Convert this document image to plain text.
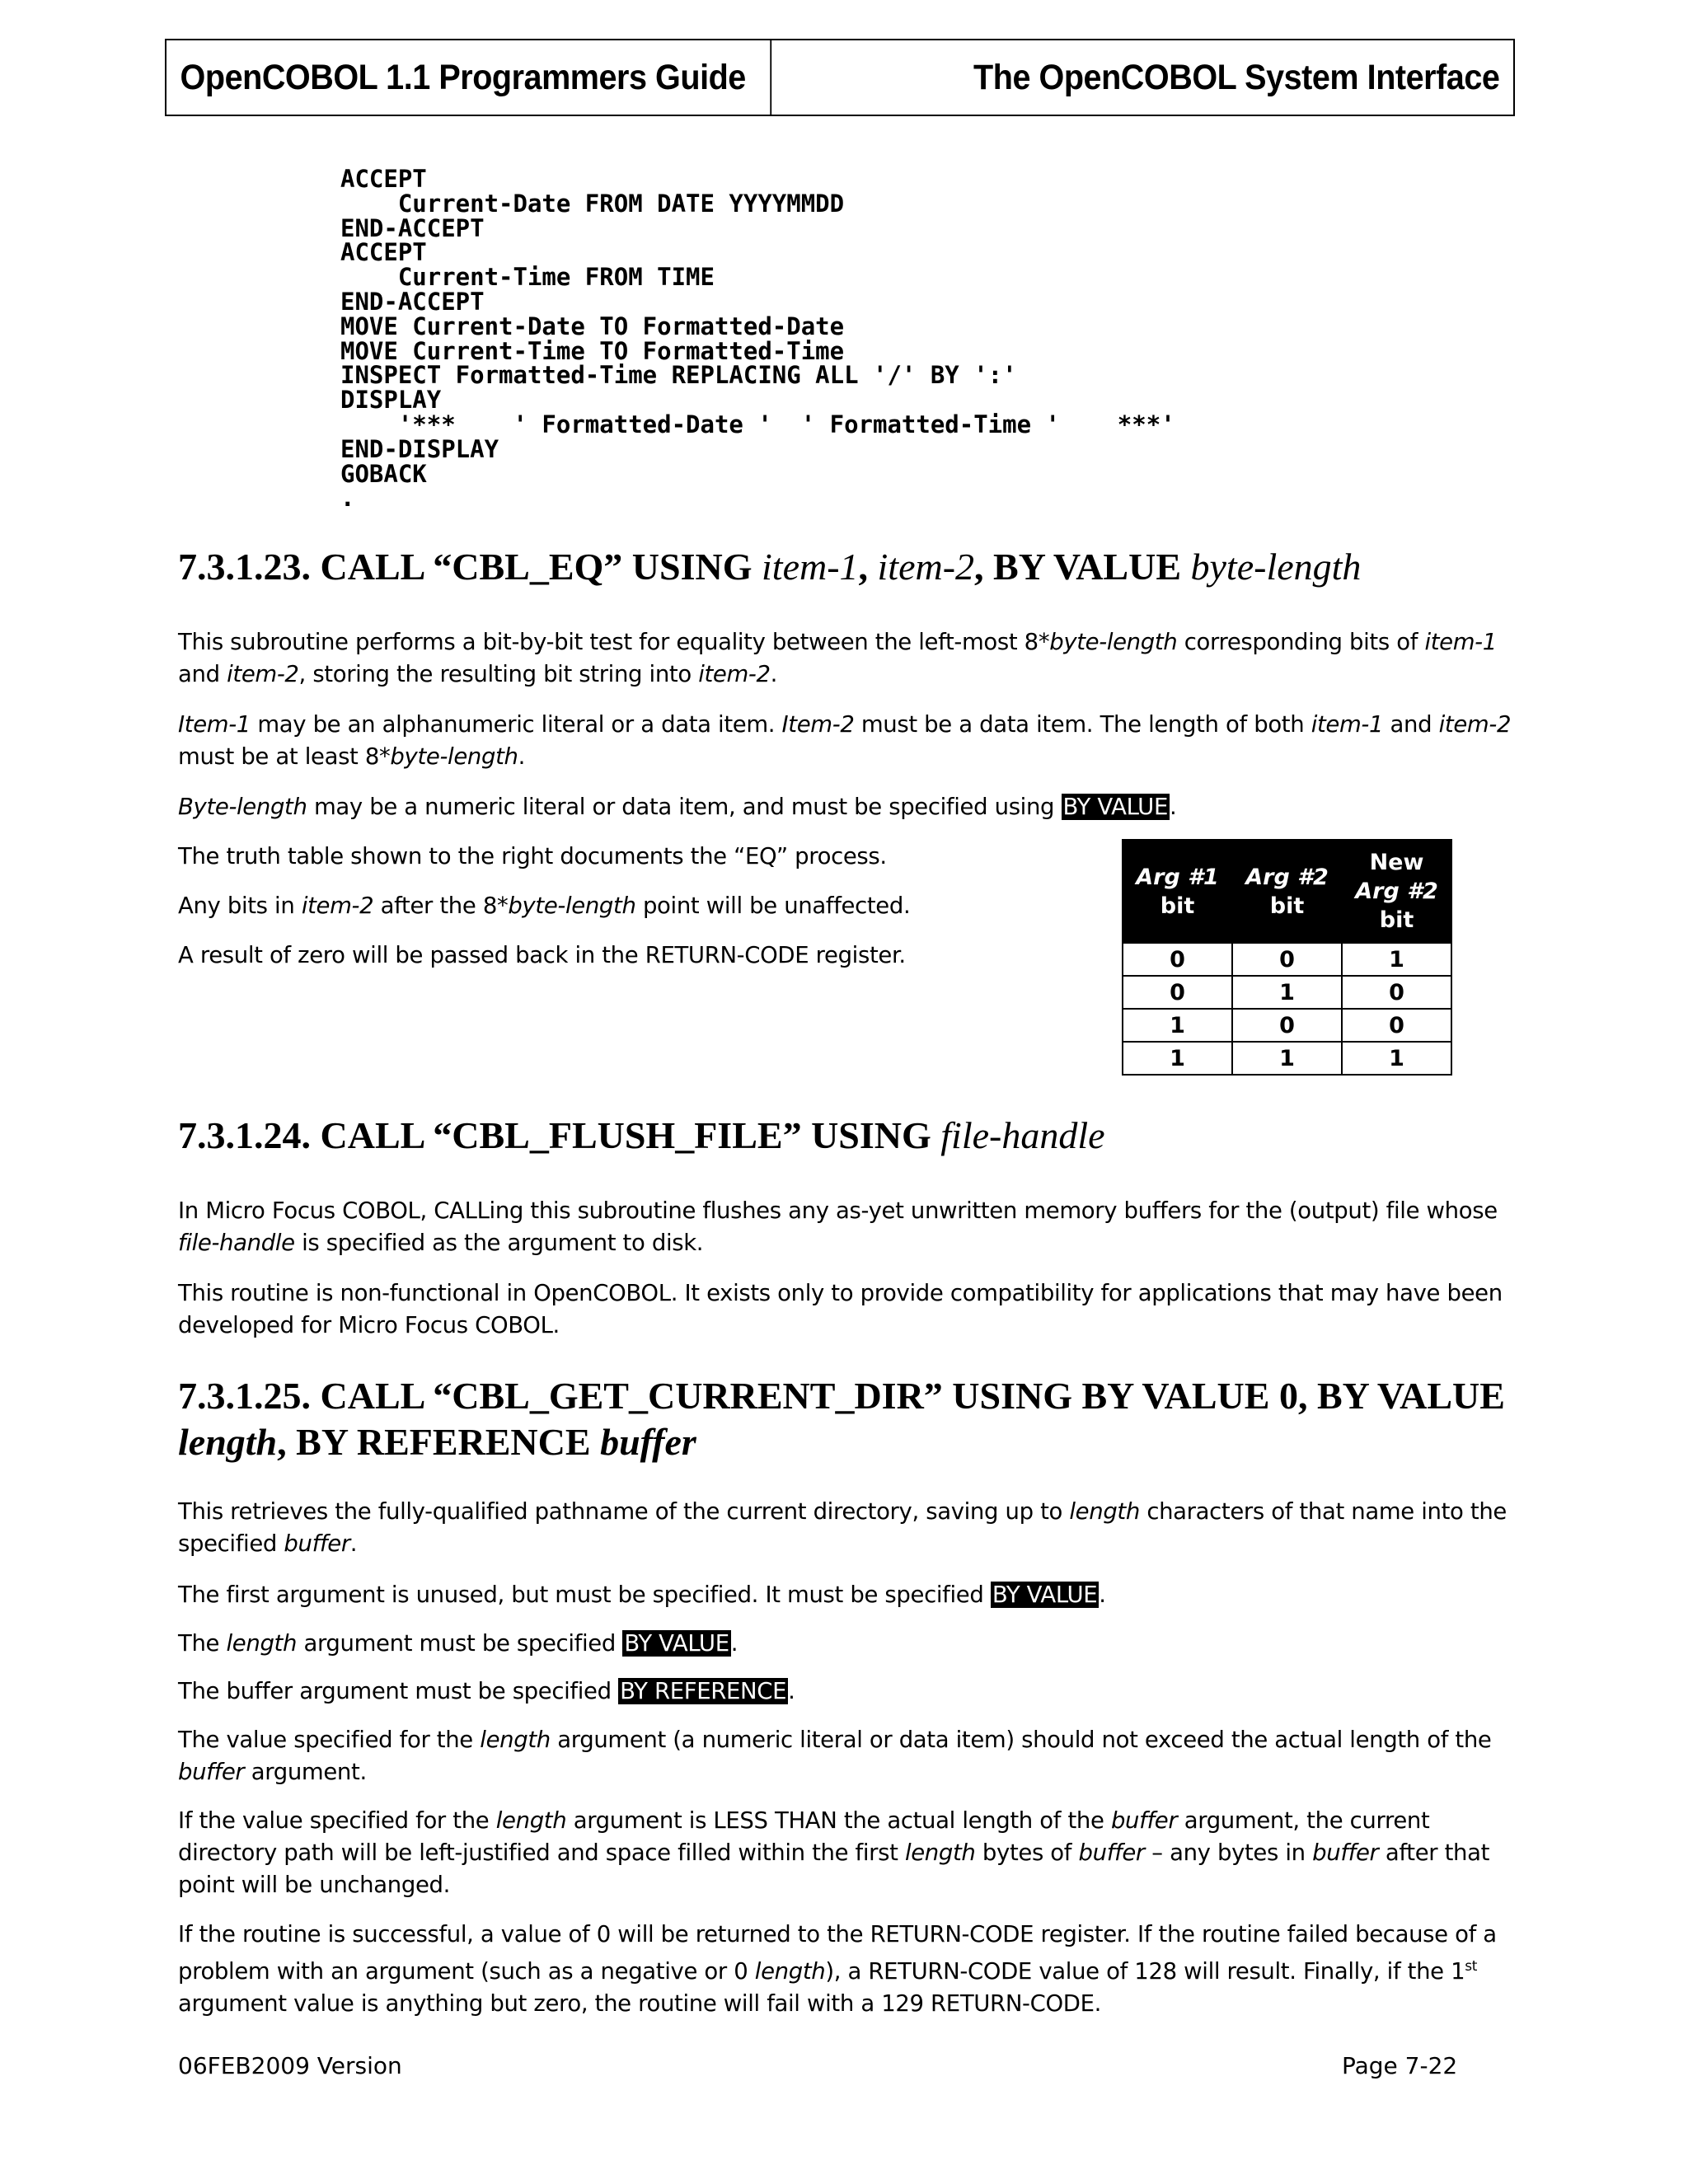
OpenCOBOL 1.1 Programmers Guide	The OpenCOBOL System Interface
ACCEPT
Current-Date FROM DATE YYYYMMDD
END-ACCEPT
ACCEPT
Current-Time FROM TIME
END-ACCEPT
MOVE Current-Date TO Formatted-Date
MOVE Current-Time TO Formatted-Time
INSPECT Formatted-Time REPLACING ALL '/' BY ':'
DISPLAY
'***    ' Formatted-Date '  ' Formatted-Time '    ***'
END-DISPLAY
GOBACK
.
7.3.1.23. CALL “CBL_EQ” USING item-1, item-2, BY VALUE byte-length
This subroutine performs a bit-by-bit test for equality between the left-most 8*byte-length corresponding bits of item-1 and item-2, storing the resulting bit string into item-2.
Item-1 may be an alphanumeric literal or a data item. Item-2 must be a data item. The length of both item-1 and item-2 must be at least 8*byte-length.
Byte-length may be a numeric literal or data item, and must be specified using BY VALUE.
The truth table shown to the right documents the “EQ” process.
Any bits in item-2 after the 8*byte-length point will be unaffected.
A result of zero will be passed back in the RETURN-CODE register.
Arg #1
bit	Arg #2
bit	New
Arg #2
bit
0	0	1
0	1	0
1	0	0
1	1	1
7.3.1.24. CALL “CBL_FLUSH_FILE” USING file-handle
In Micro Focus COBOL, CALLing this subroutine flushes any as-yet unwritten memory buffers for the (output) file whose file-handle is specified as the argument to disk.
This routine is non-functional in OpenCOBOL. It exists only to provide compatibility for applications that may have been developed for Micro Focus COBOL.
7.3.1.25. CALL “CBL_GET_CURRENT_DIR” USING BY VALUE 0, BY VALUE
length, BY REFERENCE buffer
This retrieves the fully-qualified pathname of the current directory, saving up to length characters of that name into the specified buffer.
The first argument is unused, but must be specified. It must be specified BY VALUE.
The length argument must be specified BY VALUE.
The buffer argument must be specified BY REFERENCE.
The value specified for the length argument (a numeric literal or data item) should not exceed the actual length of the buffer argument.
If the value specified for the length argument is LESS THAN the actual length of the buffer argument, the current directory path will be left-justified and space filled within the first length bytes of buffer – any bytes in buffer after that point will be unchanged.
If the routine is successful, a value of 0 will be returned to the RETURN-CODE register. If the routine failed because of a problem with an argument (such as a negative or 0 length), a RETURN-CODE value of 128 will result. Finally, if the 1st argument value is anything but zero, the routine will fail with a 129 RETURN-CODE.
06FEB2009 Version	Page 7-22
